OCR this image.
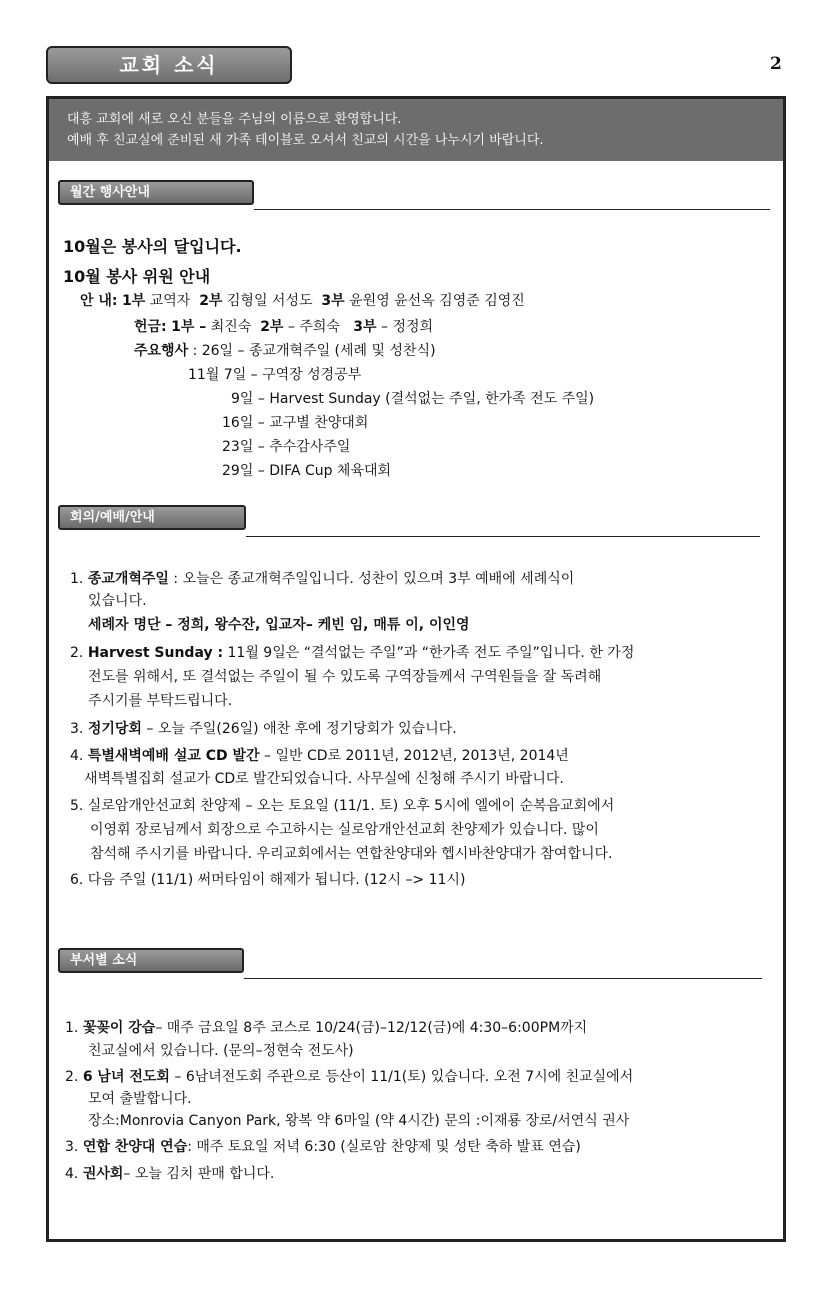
교회 소식	2
대흥 교회에 새로 오신 분들을 주님의 이름으로 환영합니다.
예배 후 친교실에 준비된 새 가족 테이블로 오셔서 친교의 시간을 나누시기 바랍니다.
월간 행사안내
10월은 봉사의 달입니다.
10월 봉사 위원 안내
안 내: 1부 교역자 2부 김형일 서성도 3부 윤원영 윤선옥 김영준 김영진
헌금: 1부 – 최진숙 2부 – 주희숙 3부 – 정정희
주요행사 : 26일 – 종교개혁주일 (세례 및 성찬식)
11월 7일 – 구역장 성경공부
9일 – Harvest Sunday (결석없는 주일, 한가족 전도 주일)
16일 – 교구별 찬양대회
23일 – 추수감사주일
29일 – DIFA Cup 체육대회
회의/예배/안내
1. 종교개혁주일 : 오늘은 종교개혁주일입니다. 성찬이 있으며 3부 예배에 세례식이
있습니다.
세례자 명단 – 정희, 왕수잔, 입교자– 케빈 임, 매튜 이, 이인영
2. Harvest Sunday : 11월 9일은 “결석없는 주일”과 “한가족 전도 주일”입니다. 한 가정
전도를 위해서, 또 결석없는 주일이 될 수 있도록 구역장들께서 구역원들을 잘 독려해
주시기를 부탁드립니다.
3. 정기당회 – 오늘 주일(26일) 애찬 후에 정기당회가 있습니다.
4. 특별새벽예배 설교 CD 발간 – 일반 CD로 2011년, 2012년, 2013년, 2014년
새벽특별집회 설교가 CD로 발간되었습니다. 사무실에 신청해 주시기 바랍니다.
5. 실로암개안선교회 찬양제 – 오는 토요일 (11/1. 토) 오후 5시에 엘에이 순복음교회에서
이영휘 장로님께서 회장으로 수고하시는 실로암개안선교회 찬양제가 있습니다. 많이
참석해 주시기를 바랍니다. 우리교회에서는 연합찬양대와 헵시바찬양대가 참여합니다.
6. 다음 주일 (11/1) 써머타임이 해제가 됩니다. (12시 –> 11시)
부서별 소식
1. 꽃꽂이 강습– 매주 금요일 8주 코스로 10/24(금)–12/12(금)에 4:30–6:00PM까지
친교실에서 있습니다. (문의–정현숙 전도사)
2. 6 남녀 전도회 – 6남녀전도회 주관으로 등산이 11/1(토) 있습니다. 오전 7시에 친교실에서
모여 출발합니다.
장소:Monrovia Canyon Park, 왕복 약 6마일 (약 4시간) 문의 :이재룡 장로/서연식 권사
3. 연합 찬양대 연습: 매주 토요일 저녁 6:30 (실로암 찬양제 및 성탄 축하 발표 연습)
4. 권사회– 오늘 김치 판매 합니다.
